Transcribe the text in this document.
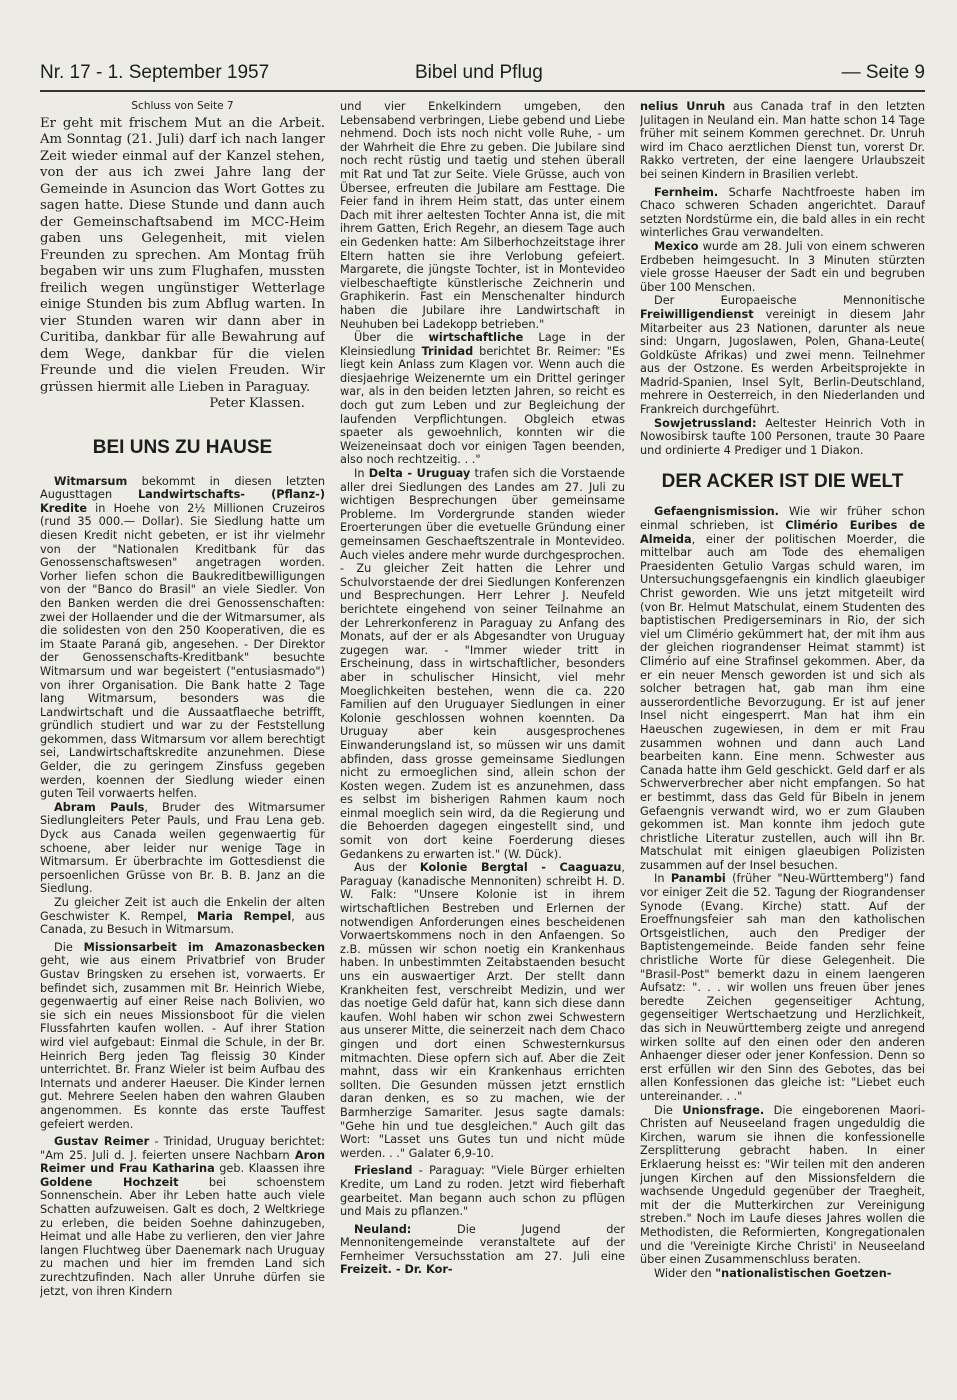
Nr. 17 - 1. September 1957	Bibel und Pflug	— Seite 9

Schluss von Seite 7

Er geht mit frischem Mut an die Arbeit. Am Sonntag (21. Juli) darf ich nach langer Zeit wieder einmal auf der Kanzel stehen, von der aus ich zwei Jahre lang der Gemeinde in Asuncion das Wort Gottes zu sagen hatte. Diese Stunde und dann auch der Gemeinschaftsabend im MCC-Heim gaben uns Gelegenheit, mit vielen Freunden zu sprechen. Am Montag früh begaben wir uns zum Flughafen, mussten freilich wegen ungünstiger Wetterlage einige Stunden bis zum Abflug warten. In vier Stunden waren wir dann aber in Curitiba, dankbar für alle Bewahrung auf dem Wege, dankbar für die vielen Freunde und die vielen Freuden. Wir grüssen hiermit alle Lieben in Paraguay.

Peter Klassen.

BEI UNS ZU HAUSE

Witmarsum bekommt in diesen letzten Augusttagen Landwirtschafts- (Pflanz-) Kredite in Hoehe von 2½ Millionen Cruzeiros (rund 35 000.— Dollar). Sie Siedlung hatte um diesen Kredit nicht gebeten, er ist ihr vielmehr von der "Nationalen Kreditbank für das Genossenschaftswesen" angetragen worden. Vorher liefen schon die Baukreditbewilligungen von der "Banco do Brasil" an viele Siedler. Von den Banken werden die drei Genossenschaften: zwei der Hollaender und die der Witmarsumer, als die solidesten von den 250 Kooperativen, die es im Staate Paraná gib, angesehen. - Der Direktor der Genossenschafts-Kreditbank" besuchte Witmarsum und war begeistert ("entusiasmado") von ihrer Organisation. Die Bank hatte 2 Tage lang Witmarsum, besonders was die Landwirtschaft und die Aussaatflaeche betrifft, gründlich studiert und war zu der Feststellung gekommen, dass Witmarsum vor allem berechtigt sei, Landwirtschaftskredite anzunehmen. Diese Gelder, die zu geringem Zinsfuss gegeben werden, koennen der Siedlung wieder einen guten Teil vorwaerts helfen.

Abram Pauls, Bruder des Witmarsumer Siedlungleiters Peter Pauls, und Frau Lena geb. Dyck aus Canada weilen gegenwaertig für schoene, aber leider nur wenige Tage in Witmarsum. Er überbrachte im Gottesdienst die persoenlichen Grüsse von Br. B. B. Janz an die Siedlung.

Zu gleicher Zeit ist auch die Enkelin der alten Geschwister K. Rempel, Maria Rempel, aus Canada, zu Besuch in Witmarsum.

Die Missionsarbeit im Amazonasbecken geht, wie aus einem Privatbrief von Bruder Gustav Bringsken zu ersehen ist, vorwaerts. Er befindet sich, zusammen mit Br. Heinrich Wiebe, gegenwaertig auf einer Reise nach Bolivien, wo sie sich ein neues Missionsboot für die vielen Flussfahrten kaufen wollen. - Auf ihrer Station wird viel aufgebaut: Einmal die Schule, in der Br. Heinrich Berg jeden Tag fleissig 30 Kinder unterrichtet. Br. Franz Wieler ist beim Aufbau des Internats und anderer Haeuser. Die Kinder lernen gut. Mehrere Seelen haben den wahren Glauben angenommen. Es konnte das erste Tauffest gefeiert werden.

Gustav Reimer - Trinidad, Uruguay berichtet: "Am 25. Juli d. J. feierten unsere Nachbarn Aron Reimer und Frau Katharina geb. Klaassen ihre Goldene Hochzeit	bei schoenstem Sonnenschein. Aber ihr Leben hatte auch viele Schatten aufzuweisen. Galt es doch, 2 Weltkriege zu erleben, die beiden Soehne dahinzugeben, Heimat und alle Habe zu verlieren, den vier Jahre langen Fluchtweg über Daenemark nach Uruguay zu machen und hier im fremden Land sich zurechtzufinden. Nach aller Unruhe dürfen sie jetzt, von ihren Kindern

und vier Enkelkindern umgeben, den Lebensabend verbringen, Liebe gebend und Liebe nehmend. Doch ists noch nicht volle Ruhe, - um der Wahrheit die Ehre zu geben. Die Jubilare sind noch recht rüstig und taetig und stehen überall mit Rat und Tat zur Seite. Viele Grüsse, auch von Übersee, erfreuten die Jubilare am Festtage. Die Feier fand in ihrem Heim statt, das unter einem Dach mit ihrer aeltesten Tochter Anna ist, die mit ihrem Gatten, Erich Regehr, an diesem Tage auch ein Gedenken hatte: Am Silberhochzeitstage ihrer Eltern hatten sie ihre Verlobung gefeiert. Margarete, die jüngste Tochter, ist in Montevideo vielbeschaeftigte künstlerische Zeichnerin und Graphikerin. Fast ein Menschenalter hindurch haben die Jubilare ihre Landwirtschaft in Neuhuben bei Ladekopp betrieben."

Über die wirtschaftliche Lage in der Kleinsiedlung Trinidad berichtet Br. Reimer: "Es liegt kein Anlass zum Klagen vor. Wenn auch die diesjaehrige Weizenernte um ein Drittel geringer war, als in den beiden letzten Jahren, so reicht es doch gut zum Leben und zur Begleichung der laufenden Verpflichtungen. Obgleich etwas spaeter als gewoehnlich, konnten wir die Weizeneinsaat doch vor einigen Tagen beenden, also noch rechtzeitig. . ."

In Delta - Uruguay trafen sich die Vorstaende aller drei Siedlungen des Landes am 27. Juli zu wichtigen Besprechungen über gemeinsame Probleme. Im Vordergrunde standen wieder Eroerterungen über die evetuelle Gründung einer gemeinsamen Geschaeftszentrale in Montevideo. Auch vieles andere mehr wurde durchgesprochen. - Zu gleicher Zeit hatten die Lehrer und Schulvorstaende der drei Siedlungen Konferenzen und Besprechungen. Herr Lehrer J. Neufeld berichtete eingehend von seiner Teilnahme an der Lehrerkonferenz in Paraguay zu Anfang des Monats, auf der er als Abgesandter von Uruguay zugegen war. - "Immer wieder tritt in Erscheinung, dass in wirtschaftlicher, besonders aber in schulischer Hinsicht, viel mehr Moeglichkeiten bestehen, wenn die ca. 220 Familien auf den Uruguayer Siedlungen in einer Kolonie geschlossen wohnen koennten. Da Uruguay aber kein ausgesprochenes Einwanderungsland ist, so müssen wir uns damit abfinden, dass grosse gemeinsame Siedlungen nicht zu ermoeglichen sind, allein schon der Kosten wegen. Zudem ist es anzunehmen, dass es selbst im bisherigen Rahmen kaum noch einmal moeglich sein wird, da die Regierung und die Behoerden dagegen eingestellt sind, und somit von dort keine Foerderung dieses Gedankens zu erwarten ist." (W. Dück).

Aus der Kolonie Bergtal - Caaguazu, Paraguay (kanadische Mennoniten) schreibt H. D. W. Falk: "Unsere Kolonie ist in ihrem wirtschaftlichen Bestreben und Erlernen der notwendigen Anforderungen eines bescheidenen Vorwaertskommens noch in den Anfaengen. So z.B. müssen wir schon noetig ein Krankenhaus haben. In unbestimmten Zeitabstaenden besucht uns ein auswaertiger Arzt. Der stellt dann Krankheiten fest, verschreibt Medizin, und wer das noetige Geld dafür hat, kann sich diese dann kaufen. Wohl haben wir schon zwei Schwestern aus unserer Mitte, die seinerzeit nach dem Chaco gingen und dort einen Schwesternkursus mitmachten. Diese opfern sich auf. Aber die Zeit mahnt, dass wir ein Krankenhaus errichten sollten. Die Gesunden müssen jetzt ernstlich daran denken, es so zu machen, wie der Barmherzige Samariter. Jesus sagte damals: "Gehe hin und tue desgleichen." Auch gilt das Wort: "Lasset uns Gutes tun und nicht müde werden. . ." Galater 6,9-10.

Friesland - Paraguay: "Viele Bürger erhielten Kredite, um Land zu roden. Jetzt wird fieberhaft gearbeitet. Man begann auch schon zu pflügen und Mais zu pflanzen."

Neuland:	Die Jugend der Mennonitengemeinde veranstaltete auf der Fernheimer Versuchsstation am 27. Juli eine Freizeit. - Dr. Kor-

nelius Unruh aus Canada traf in den letzten Julitagen in Neuland ein. Man hatte schon 14 Tage früher mit seinem Kommen gerechnet. Dr. Unruh wird im Chaco aerztlichen Dienst tun, vorerst Dr. Rakko vertreten, der eine laengere Urlaubszeit bei seinen Kindern in Brasilien verlebt.

Fernheim. Scharfe Nachtfroeste haben im Chaco schweren Schaden angerichtet. Darauf setzten Nordstürme ein, die bald alles in ein recht winterliches Grau verwandelten.

Mexico wurde am 28. Juli von einem schweren Erdbeben heimgesucht. In 3 Minuten stürzten viele grosse Haeuser der Sadt ein und begruben über 100 Menschen.

Der Europaeische Mennonitische Freiwilligendienst vereinigt in diesem Jahr Mitarbeiter aus 23 Nationen, darunter als neue sind: Ungarn, Jugoslawen, Polen, Ghana-Leute( Goldküste Afrikas) und zwei menn. Teilnehmer aus der Ostzone. Es werden Arbeitsprojekte in Madrid-Spanien, Insel Sylt, Berlin-Deutschland, mehrere in Oesterreich, in den Niederlanden und Frankreich durchgeführt.

Sowjetrussland: Aeltester Heinrich Voth in Nowosibirsk taufte 100 Personen, traute 30 Paare und ordinierte 4 Prediger und 1 Diakon.

DER ACKER IST DIE WELT

Gefaengnismission. Wie wir früher schon einmal schrieben, ist Climério Euribes de Almeida, einer der politischen Moerder, die mittelbar auch am Tode des ehemaligen Praesidenten Getulio Vargas schuld waren, im Untersuchungsgefaengnis ein kindlich glaeubiger Christ geworden. Wie uns jetzt mitgeteilt wird (von Br. Helmut Matschulat, einem Studenten des baptistischen Predigerseminars in Rio, der sich viel um Climério gekümmert hat, der mit ihm aus der gleichen riograndenser Heimat stammt) ist Climério auf eine Strafinsel gekommen. Aber, da er ein neuer Mensch geworden ist und sich als solcher betragen hat, gab man ihm eine ausserordentliche Bevorzugung. Er ist auf jener Insel nicht eingesperrt. Man hat ihm ein Haeuschen zugewiesen, in dem er mit Frau zusammen wohnen und dann auch Land bearbeiten kann. Eine menn. Schwester aus Canada hatte ihm Geld geschickt. Geld darf er als Schwerverbrecher aber nicht empfangen. So hat er bestimmt, dass das Geld für Bibeln in jenem Gefaengnis verwandt wird, wo er zum Glauben gekommen ist. Man konnte ihm jedoch gute christliche Literatur zustellen, auch will ihn Br. Matschulat mit einigen glaeubigen Polizisten zusammen auf der Insel besuchen.

In Panambi (früher "Neu-Württemberg") fand vor einiger Zeit die 52. Tagung der Riograndenser Synode (Evang. Kirche) statt. Auf der Eroeffnungsfeier sah man den katholischen Ortsgeistlichen, auch den Prediger der Baptistengemeinde. Beide fanden sehr feine christliche Worte für diese Gelegenheit. Die "Brasil-Post" bemerkt dazu in einem laengeren Aufsatz: ". . . wir wollen uns freuen über jenes beredte Zeichen gegenseitiger Achtung, gegenseitiger Wertschaetzung und Herzlichkeit, das sich in Neuwürttemberg zeigte und anregend wirken sollte auf den einen oder den anderen Anhaenger dieser oder jener Konfession. Denn so erst erfüllen wir den Sinn des Gebotes, das bei allen Konfessionen das gleiche ist: "Liebet euch untereinander. . ."

Die Unionsfrage. Die eingeborenen Maori-Christen auf Neuseeland fragen ungeduldig die Kirchen, warum sie ihnen die konfessionelle Zersplitterung gebracht haben. In einer Erklaerung heisst es: "Wir teilen mit den anderen jungen Kirchen auf den Missionsfeldern die wachsende Ungeduld gegenüber der Traegheit, mit der die Mutterkirchen zur Vereinigung streben." Noch im Laufe dieses Jahres wollen die Methodisten, die Reformierten, Kongregationalen und die 'Vereinigte Kirche Christi' in Neuseeland über einen Zusammenschluss beraten.

Wider den "nationalistischen Goetzen-
